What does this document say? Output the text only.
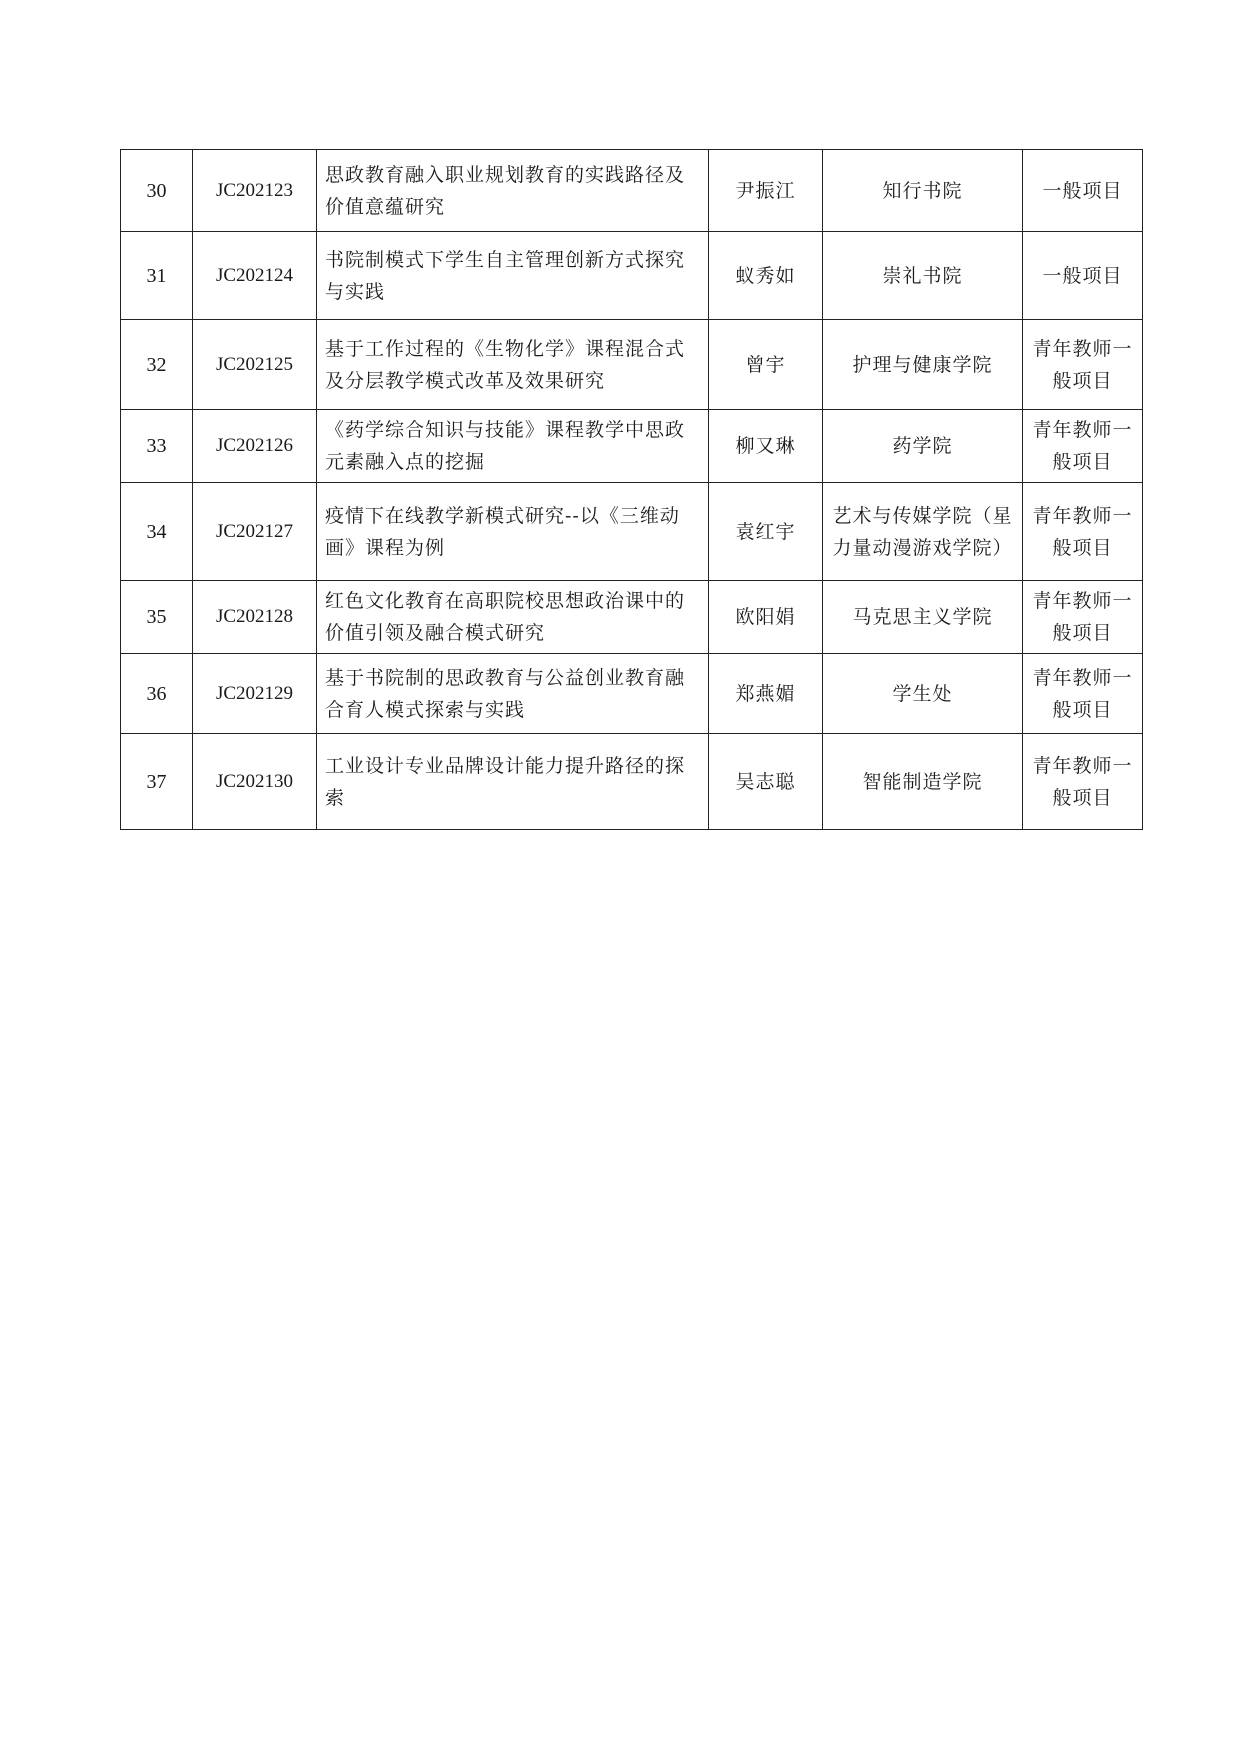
30	JC202123	思政教育融入职业规划教育的实践路径及价值意蕴研究	尹振江	知行书院	一般项目
31	JC202124	书院制模式下学生自主管理创新方式探究与实践	蚁秀如	崇礼书院	一般项目
32	JC202125	基于工作过程的《生物化学》课程混合式及分层教学模式改革及效果研究	曾宇	护理与健康学院	青年教师一般项目
33	JC202126	《药学综合知识与技能》课程教学中思政元素融入点的挖掘	柳又琳	药学院	青年教师一般项目
34	JC202127	疫情下在线教学新模式研究--以《三维动画》课程为例	袁红宇	艺术与传媒学院（星力量动漫游戏学院）	青年教师一般项目
35	JC202128	红色文化教育在高职院校思想政治课中的价值引领及融合模式研究	欧阳娟	马克思主义学院	青年教师一般项目
36	JC202129	基于书院制的思政教育与公益创业教育融合育人模式探索与实践	郑燕媚	学生处	青年教师一般项目
37	JC202130	工业设计专业品牌设计能力提升路径的探索	吴志聪	智能制造学院	青年教师一般项目
